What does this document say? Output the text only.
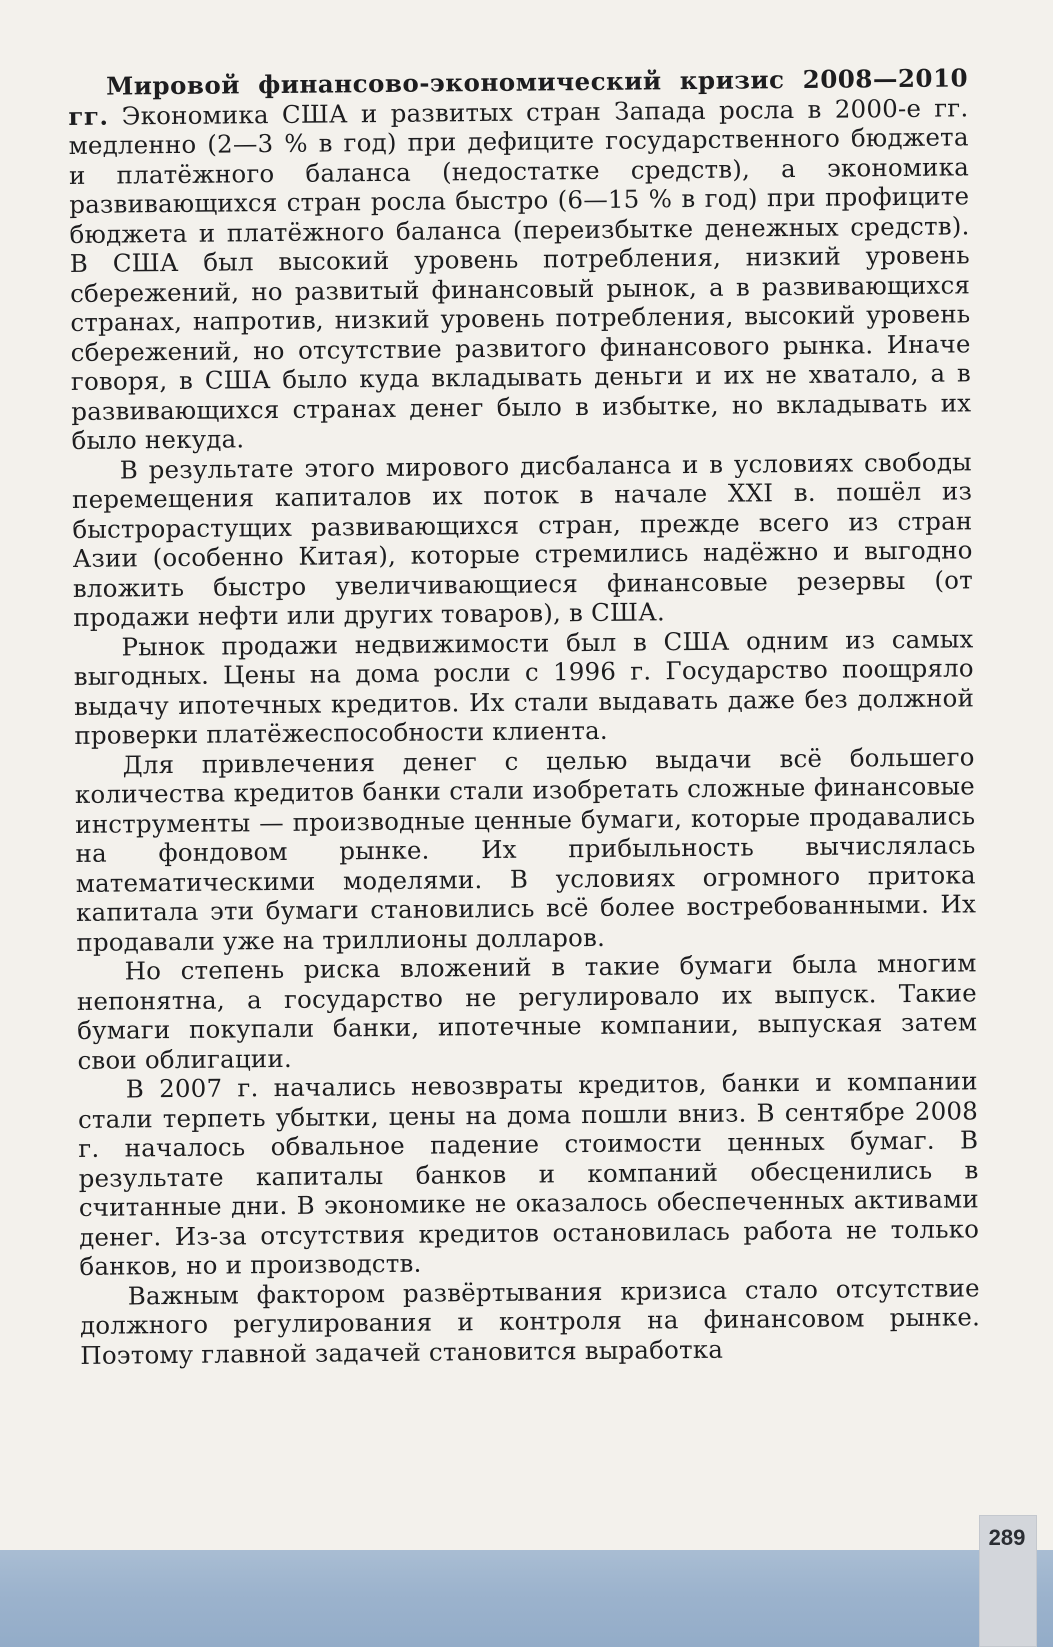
Мировой финансово-экономический кризис 2008—2010 гг. Экономика США и развитых стран Запада росла в 2000-е гг. медленно (2—3 % в год) при дефиците государственного бюджета и платёжного баланса (недостатке средств), а экономика развивающихся стран росла быстро (6—15 % в год) при профиците бюджета и платёжного баланса (переизбытке денежных средств). В США был высокий уровень потребления, низкий уровень сбережений, но развитый финансовый рынок, а в развивающихся странах, напротив, низкий уровень потребления, высокий уровень сбережений, но отсутствие развитого финансового рынка. Иначе говоря, в США было куда вкладывать деньги и их не хватало, а в развивающихся странах денег было в избытке, но вкладывать их было некуда.

В результате этого мирового дисбаланса и в условиях свободы перемещения капиталов их поток в начале XXI в. пошёл из быстрорастущих развивающихся стран, прежде всего из стран Азии (особенно Китая), которые стремились надёжно и выгодно вложить быстро увеличивающиеся финансовые резервы (от продажи нефти или других товаров), в США.

Рынок продажи недвижимости был в США одним из самых выгодных. Цены на дома росли с 1996 г. Государство поощряло выдачу ипотечных кредитов. Их стали выдавать даже без должной проверки платёжеспособности клиента.

Для привлечения денег с целью выдачи всё большего количества кредитов банки стали изобретать сложные финансовые инструменты — производные ценные бумаги, которые продавались на фондовом рынке. Их прибыльность вычислялась математическими моделями. В условиях огромного притока капитала эти бумаги становились всё более востребованными. Их продавали уже на триллионы долларов.

Но степень риска вложений в такие бумаги была многим непонятна, а государство не регулировало их выпуск. Такие бумаги покупали банки, ипотечные компании, выпуская затем свои облигации.

В 2007 г. начались невозвраты кредитов, банки и компании стали терпеть убытки, цены на дома пошли вниз. В сентябре 2008 г. началось обвальное падение стоимости ценных бумаг. В результате капиталы банков и компаний обесценились в считанные дни. В экономике не оказалось обеспеченных активами денег. Из-за отсутствия кредитов остановилась работа не только банков, но и производств.

Важным фактором развёртывания кризиса стало отсутствие должного регулирования и контроля на финансовом рынке. Поэтому главной задачей становится выработка

289
